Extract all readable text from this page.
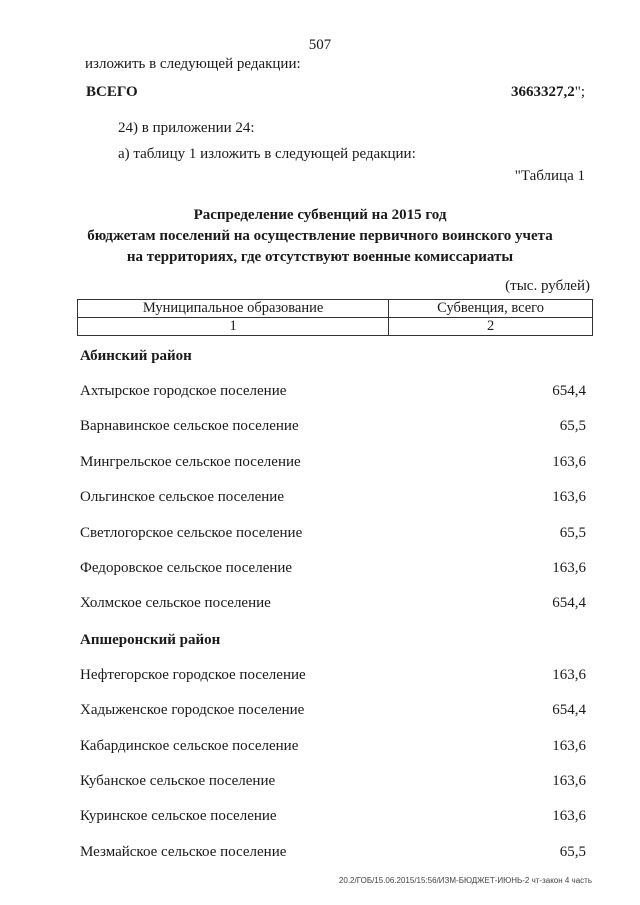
507
изложить в следующей редакции:
ВСЕГО	3663327,2";
24) в приложении 24:
а) таблицу 1 изложить в следующей редакции:
"Таблица 1
Распределение субвенций на 2015 год
бюджетам поселений на осуществление первичного воинского учета
на территориях, где отсутствуют военные комиссариаты
(тыс. рублей)
Муниципальное образование	Субвенция, всего
1	2
Абинский район
Ахтырское городское поселение	654,4
Варнавинское сельское поселение	65,5
Мингрельское сельское поселение	163,6
Ольгинское сельское поселение	163,6
Светлогорское сельское поселение	65,5
Федоровское сельское поселение	163,6
Холмское сельское поселение	654,4
Апшеронский район
Нефтегорское городское поселение	163,6
Хадыженское городское поселение	654,4
Кабардинское сельское поселение	163,6
Кубанское сельское поселение	163,6
Куринское сельское поселение	163,6
Мезмайское сельское поселение	65,5
20.2/ГОБ/15.06.2015/15:56/ИЗМ-БЮДЖЕТ-ИЮНЬ-2 чт-закон 4 часть
